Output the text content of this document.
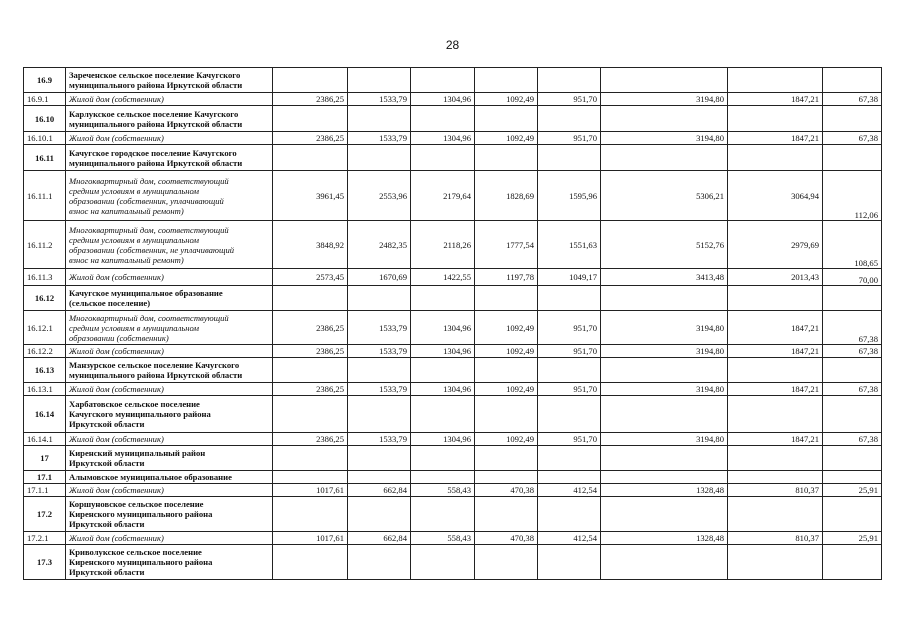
28
16.9	Зареченское сельское поселение Качугского
муниципального района Иркутской области								

16.9.1	Жилой дом (собственник)	2386,25	1533,79	1304,96	1092,49	951,70	3194,80	1847,21	67,38
16.10	Карлукское сельское поселение Качугского
муниципального района Иркутской области								

16.10.1	Жилой дом (собственник)	2386,25	1533,79	1304,96	1092,49	951,70	3194,80	1847,21	67,38
16.11	Качугское городское поселение Качугского
муниципального района Иркутской области								

16.11.1	Многоквартирный дом, соответствующий
средним условиям в муниципальном
образовании (собственник, уплачивающий
взнос на капитальный ремонт)	3961,45	2553,96	2179,64	1828,69	1595,96	5306,21	3064,94	112,06
16.11.2	Многоквартирный дом, соответствующий
средним условиям в муниципальном
образовании (собственник, не уплачивающий
взнос на капитальный ремонт)	3848,92	2482,35	2118,26	1777,54	1551,63	5152,76	2979,69	108,65
16.11.3	Жилой дом (собственник)	2573,45	1670,69	1422,55	1197,78	1049,17	3413,48	2013,43	70,00
16.12	Качугское муниципальное образование
(сельское поселение)								

16.12.1	Многоквартирный дом, соответствующий
средним условиям в муниципальном
образовании (собственник)	2386,25	1533,79	1304,96	1092,49	951,70	3194,80	1847,21	67,38
16.12.2	Жилой дом (собственник)	2386,25	1533,79	1304,96	1092,49	951,70	3194,80	1847,21	67,38
16.13	Манзурское сельское поселение Качугского
муниципального района Иркутской области								

16.13.1	Жилой дом (собственник)	2386,25	1533,79	1304,96	1092,49	951,70	3194,80	1847,21	67,38
16.14	Харбатовское сельское поселение
Качугского муниципального района
Иркутской области								

16.14.1	Жилой дом (собственник)	2386,25	1533,79	1304,96	1092,49	951,70	3194,80	1847,21	67,38
17	Киренский муниципальный район
Иркутской области								

17.1	Алымовское муниципальное образование								

17.1.1	Жилой дом (собственник)	1017,61	662,84	558,43	470,38	412,54	1328,48	810,37	25,91
17.2	Коршуновское сельское поселение
Киренского муниципального района
Иркутской области								

17.2.1	Жилой дом (собственник)	1017,61	662,84	558,43	470,38	412,54	1328,48	810,37	25,91
17.3	Криволукское сельское поселение
Киренского муниципального района
Иркутской области								
